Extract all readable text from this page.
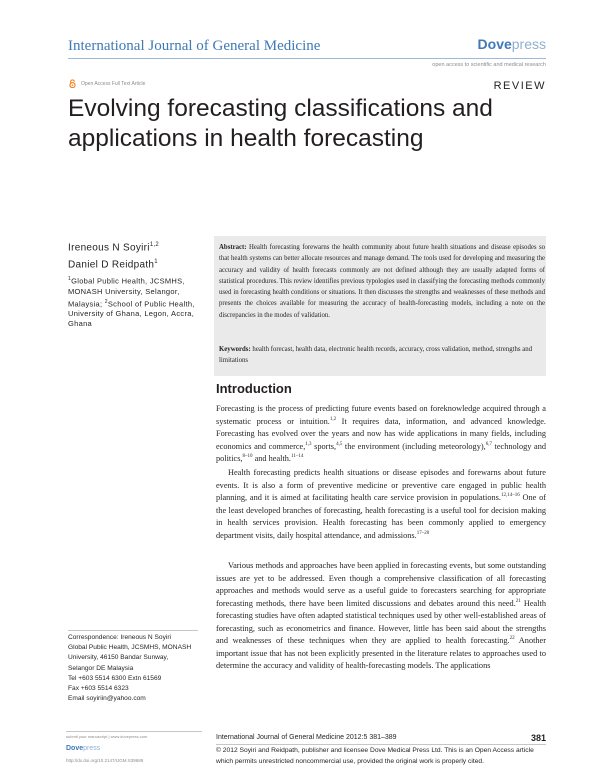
International Journal of General Medicine	Dovepress
open access to scientific and medical research
Open Access Full Text Article	REVIEW
Evolving forecasting classifications and applications in health forecasting
Ireneous N Soyiri$^{1,2}$
Daniel D Reidpath$^1$
$^1$Global Public Health, JCSMHS, MONASH University, Selangor, Malaysia; $^2$School of Public Health, University of Ghana, Legon, Accra, Ghana
Abstract: Health forecasting forewarns the health community about future health situations and disease episodes so that health systems can better allocate resources and manage demand. The tools used for developing and measuring the accuracy and validity of health forecasts commonly are not defined although they are usually adapted forms of statistical procedures. This review identifies previous typologies used in classifying the forecasting methods commonly used in forecasting health conditions or situations. It then discusses the strengths and weaknesses of these methods and presents the choices available for measuring the accuracy of health-forecasting models, including a note on the discrepancies in the modes of validation.
Keywords: health forecast, health data, electronic health records, accuracy, cross validation, method, strengths and limitations
Introduction
Forecasting is the process of predicting future events based on foreknowledge acquired through a systematic process or intuition.$^{1,2}$ It requires data, information, and advanced knowledge. Forecasting has evolved over the years and now has wide applications in many fields, including economics and commerce,$^{1,3}$ sports,$^{4,5}$ the environment (including meteorology),$^{6,7}$ technology and politics,$^{8-10}$ and health.$^{11-14}$
Health forecasting predicts health situations or disease episodes and forewarns about future events. It is also a form of preventive medicine or preventive care engaged in public health planning, and it is aimed at facilitating health care service provision in populations.$^{12,14-16}$ One of the least developed branches of forecasting, health forecasting is a useful tool for decision making in health services provision. Health forecasting has been commonly applied to emergency department visits, daily hospital attendance, and admissions.$^{17-20}$
Various methods and approaches have been applied in forecasting events, but some outstanding issues are yet to be addressed. Even though a comprehensive classification of all forecasting approaches and methods would serve as a useful guide to forecasters searching for appropriate forecasting methods, there have been limited discussions and debates around this need.$^{21}$ Health forecasting studies have often adapted statistical techniques used by other well-established areas of forecasting, such as econometrics and finance. However, little has been said about the strengths and weaknesses of these techniques when they are applied to health forecasting.$^{22}$ Another important issue that has not been explicitly presented in the literature relates to approaches used to determine the accuracy and validity of health-forecasting models. The applications
Correspondence: Ireneous N Soyiri
Global Public Health, JCSMHS, MONASH
University, 46150 Bandar Sunway,
Selangor DE Malaysia
Tel +603 5514 6300 Extn 61569
Fax +603 5514 6323
Email soyiriin@yahoo.com
submit your manuscript | www.dovepress.com
Dovepress
http://dx.doi.org/10.2147/IJGM.S39689
International Journal of General Medicine 2012:5 381–389	381
© 2012 Soyiri and Reidpath, publisher and licensee Dove Medical Press Ltd. This is an Open Access article which permits unrestricted noncommercial use, provided the original work is properly cited.
